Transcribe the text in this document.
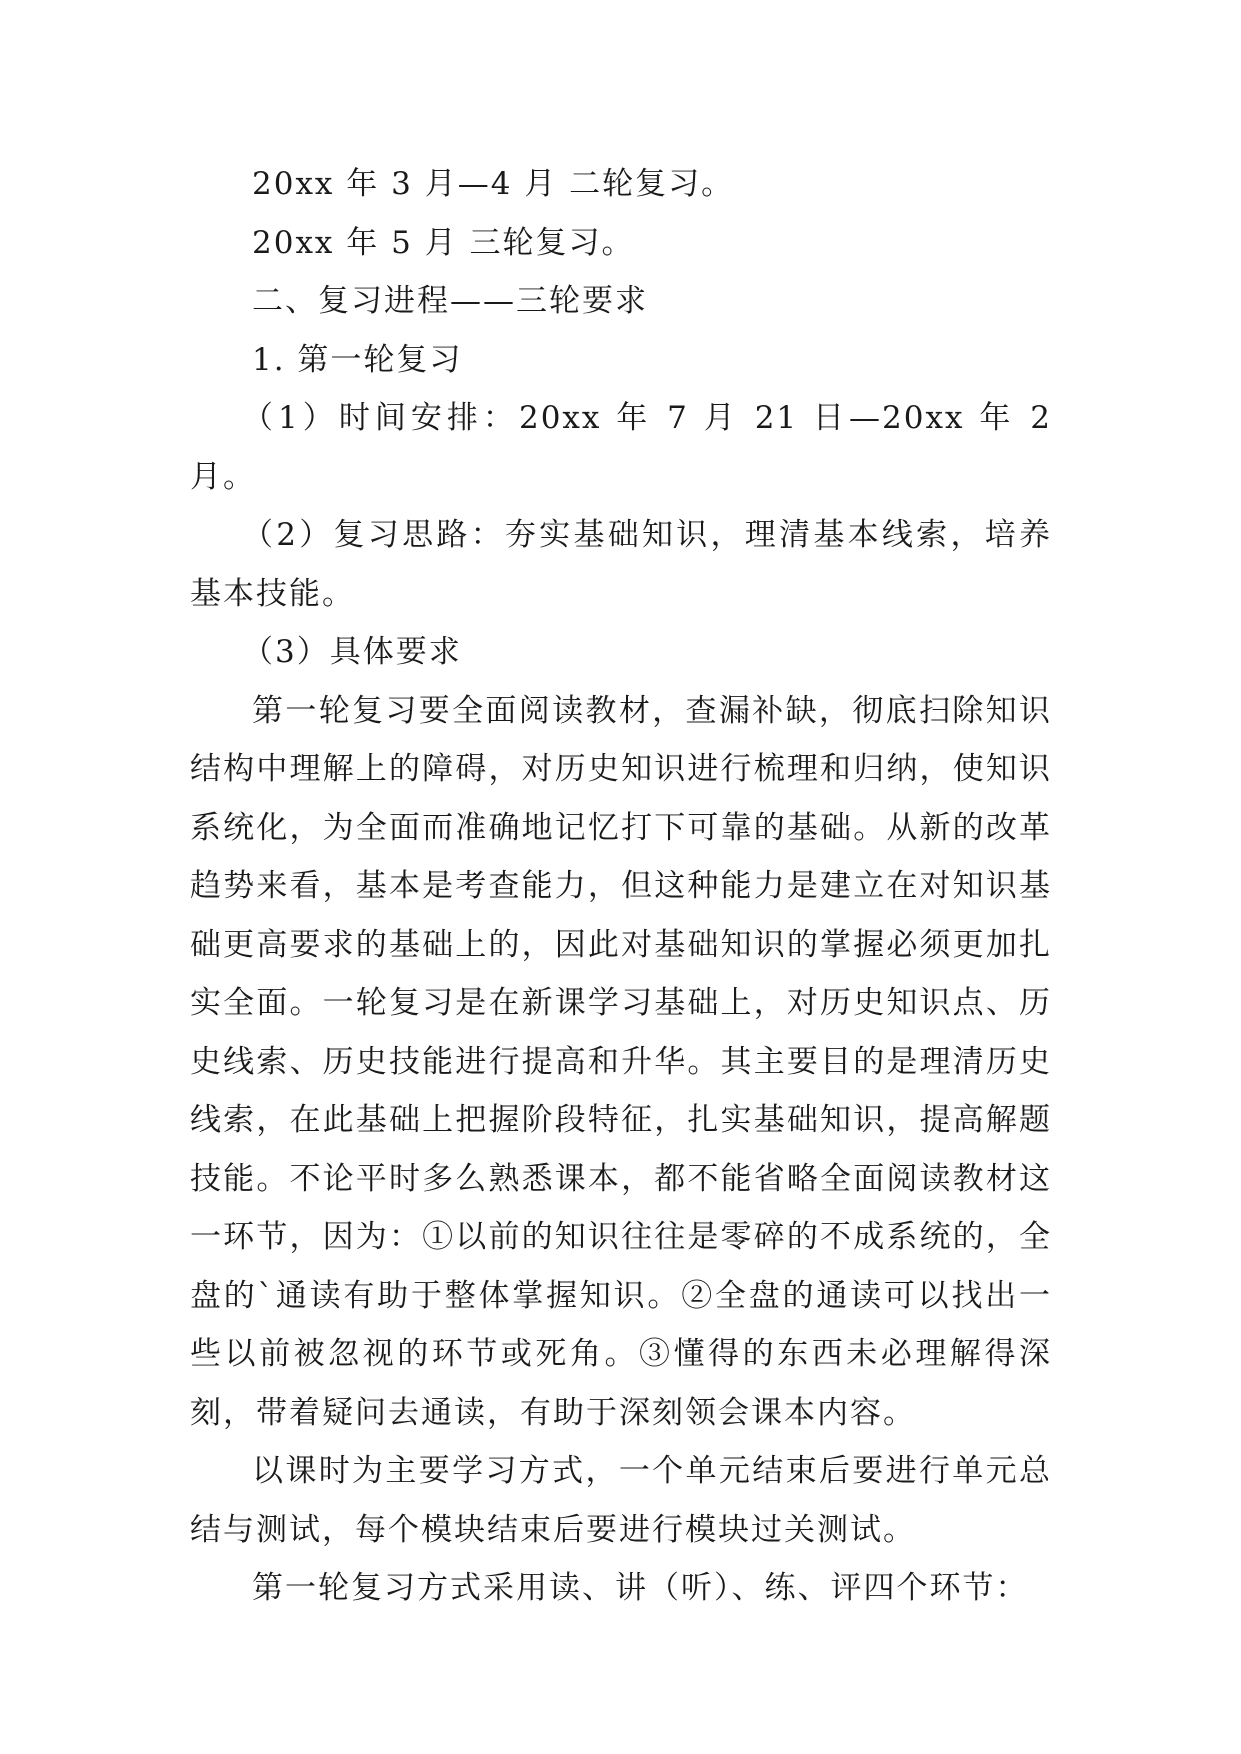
20xx 年 3 月—4 月 二轮复习。

20xx 年 5 月 三轮复习。

二、复习进程——三轮要求

1. 第一轮复习

（1）时间安排：20xx 年 7 月 21 日—20xx 年 2 月。

（2）复习思路：夯实基础知识，理清基本线索，培养基本技能。

（3）具体要求

第一轮复习要全面阅读教材，查漏补缺，彻底扫除知识结构中理解上的障碍，对历史知识进行梳理和归纳，使知识系统化，为全面而准确地记忆打下可靠的基础。从新的改革趋势来看，基本是考查能力，但这种能力是建立在对知识基础更高要求的基础上的，因此对基础知识的掌握必须更加扎实全面。一轮复习是在新课学习基础上，对历史知识点、历史线索、历史技能进行提高和升华。其主要目的是理清历史线索，在此基础上把握阶段特征，扎实基础知识，提高解题技能。不论平时多么熟悉课本，都不能省略全面阅读教材这一环节，因为：①以前的知识往往是零碎的不成系统的，全盘的`通读有助于整体掌握知识。②全盘的通读可以找出一些以前被忽视的环节或死角。③懂得的东西未必理解得深刻，带着疑问去通读，有助于深刻领会课本内容。

以课时为主要学习方式，一个单元结束后要进行单元总结与测试，每个模块结束后要进行模块过关测试。

第一轮复习方式采用读、讲（听）、练、评四个环节：
